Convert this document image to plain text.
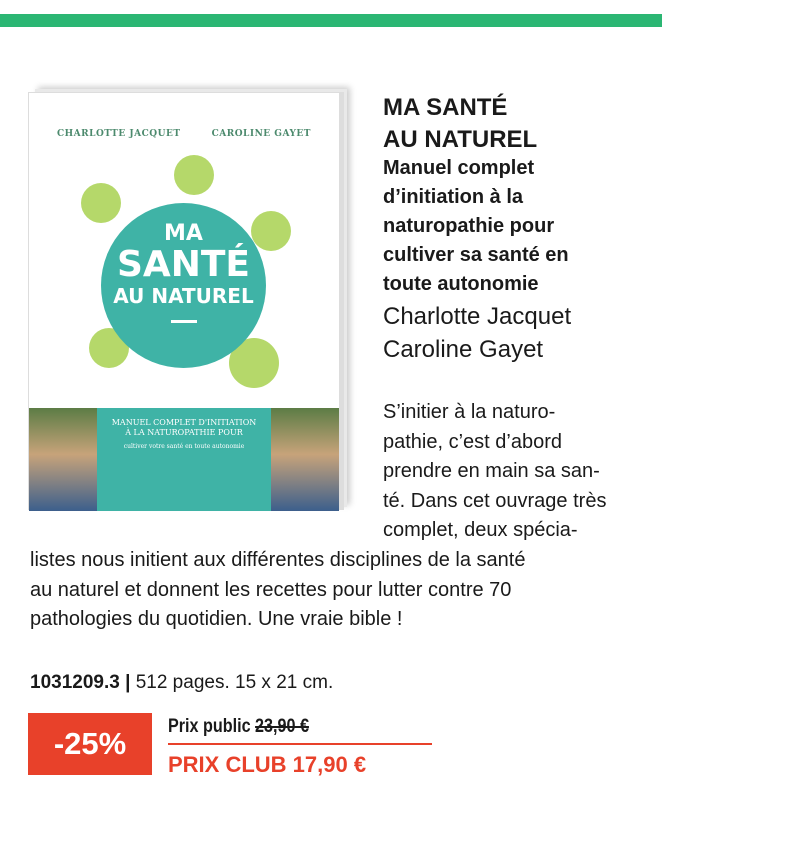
CHARLOTTE JACQUET	CAROLINE GAYET
MA
SANTÉ
AU NATUREL
MANUEL COMPLET D'INITIATION À LA NATUROPATHIE POUR
cultiver votre santé en toute autonomie
MA SANTÉ
AU NATUREL
Manuel complet
d’initiation à la
naturopathie pour
cultiver sa santé en
toute autonomie
Charlotte Jacquet
Caroline Gayet
S’initier à la naturo-
pathie, c’est d’abord
prendre en main sa san-
té. Dans cet ouvrage très
complet, deux spécia-
listes nous initient aux différentes disciplines de la santé
au naturel et donnent les recettes pour lutter contre 70
pathologies du quotidien. Une vraie bible !
1031209.3 | 512 pages. 15 x 21 cm.
-25%	Prix public 23,90 €
PRIX CLUB 17,90 €
